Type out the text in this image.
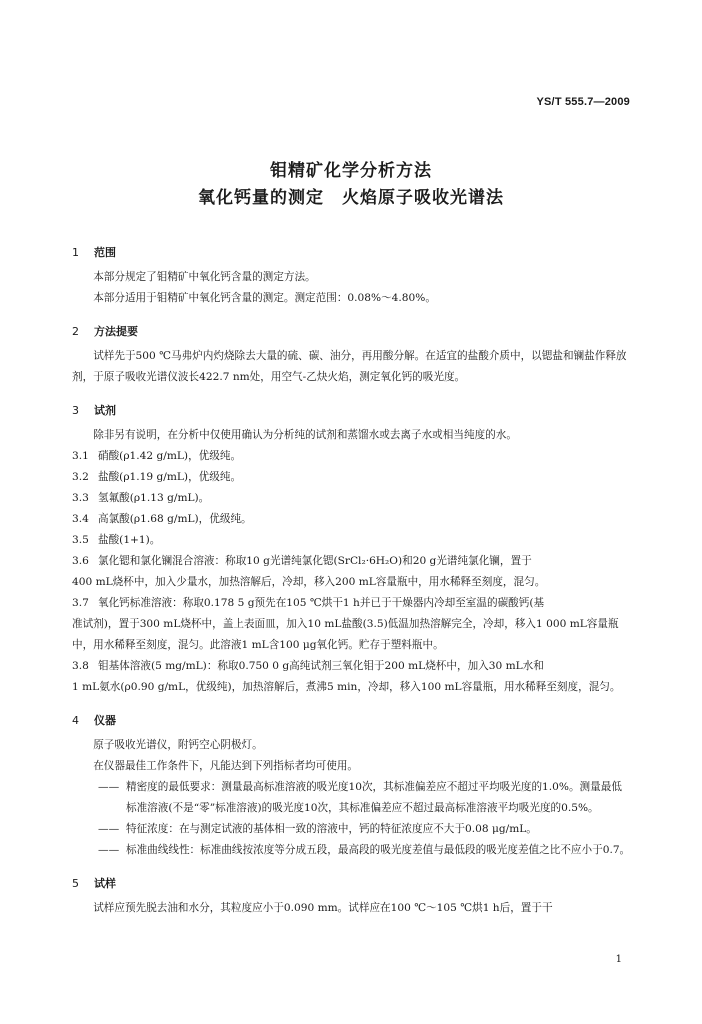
YS/T 555.7—2009
钼精矿化学分析方法
氧化钙量的测定　火焰原子吸收光谱法
1 范围

本部分规定了钼精矿中氧化钙含量的测定方法。

本部分适用于钼精矿中氧化钙含量的测定。测定范围：0.08%～4.80%。

2 方法提要

试样先于500 ℃马弗炉内灼烧除去大量的硫、碳、油分，再用酸分解。在适宜的盐酸介质中，以锶盐和镧盐作释放剂，于原子吸收光谱仪波长422.7 nm处，用空气-乙炔火焰，测定氧化钙的吸光度。

3 试剂

除非另有说明，在分析中仅使用确认为分析纯的试剂和蒸馏水或去离子水或相当纯度的水。

3.1 硝酸(ρ1.42 g/mL)，优级纯。
3.2 盐酸(ρ1.19 g/mL)，优级纯。
3.3 氢氟酸(ρ1.13 g/mL)。
3.4 高氯酸(ρ1.68 g/mL)，优级纯。
3.5 盐酸(1+1)。
3.6 氯化锶和氯化镧混合溶液：称取10 g光谱纯氯化锶(SrCl₂·6H₂O)和20 g光谱纯氯化镧，置于

400 mL烧杯中，加入少量水，加热溶解后，冷却，移入200 mL容量瓶中，用水稀释至刻度，混匀。

3.7 氧化钙标准溶液：称取0.178 5 g预先在105 ℃烘干1 h并已于干燥器内冷却至室温的碳酸钙(基

准试剂)，置于300 mL烧杯中，盖上表面皿，加入10 mL盐酸(3.5)低温加热溶解完全，冷却，移入1 000 mL容量瓶中，用水稀释至刻度，混匀。此溶液1 mL含100 μg氧化钙。贮存于塑料瓶中。

3.8 钼基体溶液(5 mg/mL)：称取0.750 0 g高纯试剂三氧化钼于200 mL烧杯中，加入30 mL水和

1 mL氨水(ρ0.90 g/mL，优级纯)，加热溶解后，煮沸5 min，冷却，移入100 mL容量瓶，用水稀释至刻度，混匀。

4 仪器

原子吸收光谱仪，附钙空心阴极灯。

在仪器最佳工作条件下，凡能达到下列指标者均可使用。

—— 精密度的最低要求：测量最高标准溶液的吸光度10次，其标准偏差应不超过平均吸光度的1.0%。测量最低标准溶液(不是“零”标准溶液)的吸光度10次，其标准偏差应不超过最高标准溶液平均吸光度的0.5%。
—— 特征浓度：在与测定试液的基体相一致的溶液中，钙的特征浓度应不大于0.08 μg/mL。
—— 标准曲线线性：标准曲线按浓度等分成五段，最高段的吸光度差值与最低段的吸光度差值之比不应小于0.7。
5 试样

试样应预先脱去油和水分，其粒度应小于0.090 mm。试样应在100 ℃～105 ℃烘1 h后，置于干

1
